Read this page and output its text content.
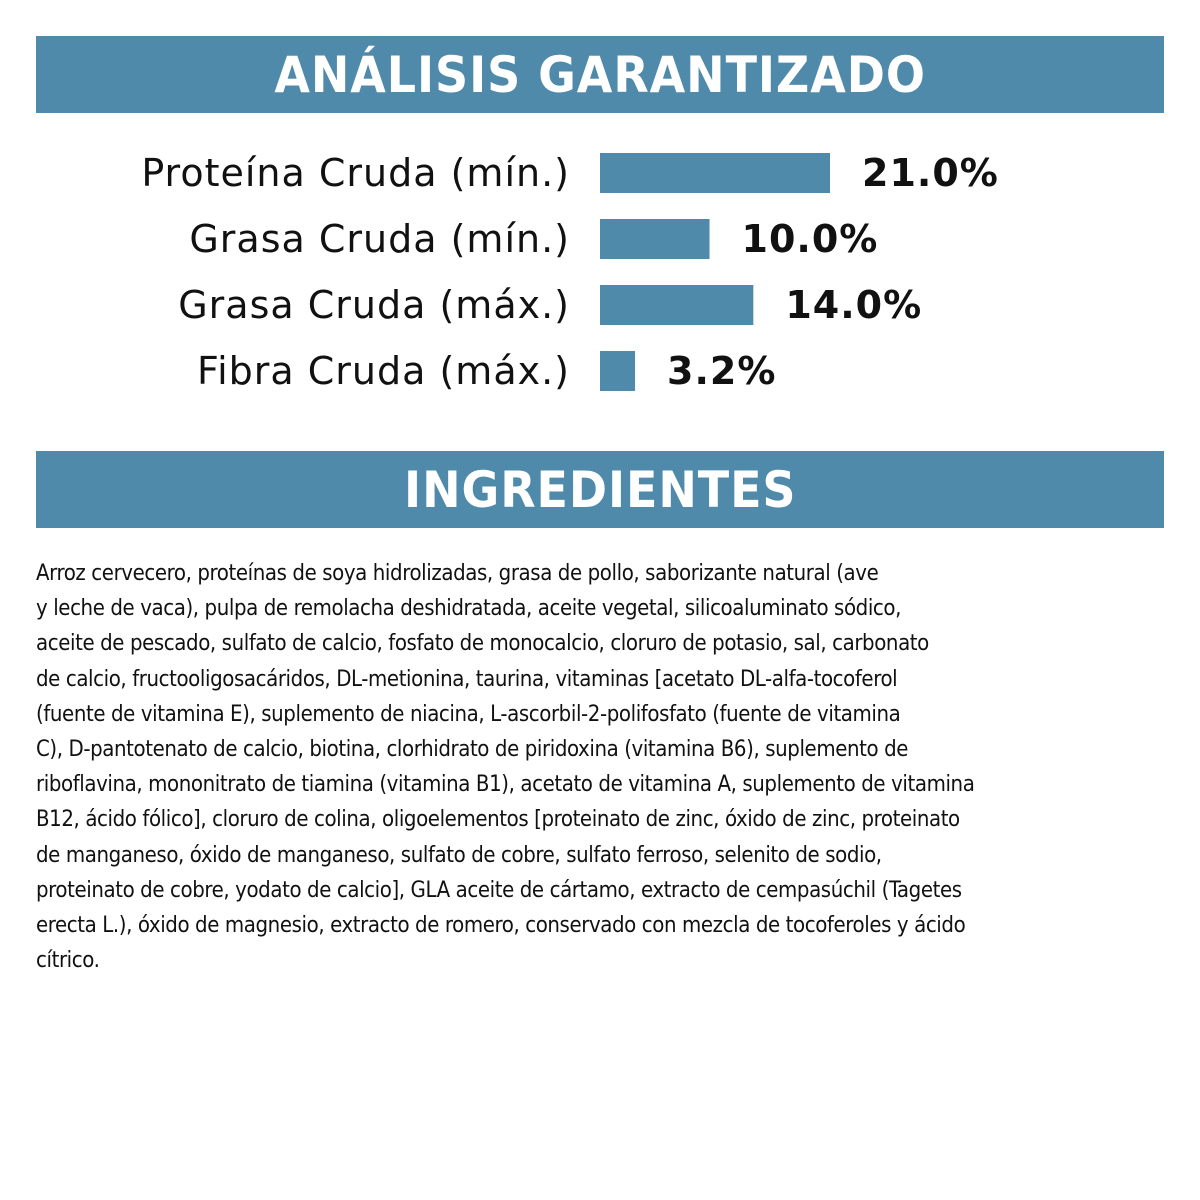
ANÁLISIS GARANTIZADO
Proteína Cruda (mín.)	21.0%
Grasa Cruda (mín.)	10.0%
Grasa Cruda (máx.)	14.0%
Fibra Cruda (máx.)	3.2%
INGREDIENTES

Arroz cervecero, proteínas de soya hidrolizadas, grasa de pollo, saborizante natural (ave
y leche de vaca), pulpa de remolacha deshidratada, aceite vegetal, silicoaluminato sódico,
aceite de pescado, sulfato de calcio, fosfato de monocalcio, cloruro de potasio, sal, carbonato
de calcio, fructooligosacáridos, DL-metionina, taurina, vitaminas [acetato DL-alfa-tocoferol
(fuente de vitamina E), suplemento de niacina, L-ascorbil-2-polifosfato (fuente de vitamina
C), D-pantotenato de calcio, biotina, clorhidrato de piridoxina (vitamina B6), suplemento de
riboflavina, mononitrato de tiamina (vitamina B1), acetato de vitamina A, suplemento de vitamina
B12, ácido fólico], cloruro de colina, oligoelementos [proteinato de zinc, óxido de zinc, proteinato
de manganeso, óxido de manganeso, sulfato de cobre, sulfato ferroso, selenito de sodio,
proteinato de cobre, yodato de calcio], GLA aceite de cártamo, extracto de cempasúchil (Tagetes
erecta L.), óxido de magnesio, extracto de romero, conservado con mezcla de tocoferoles y ácido
cítrico.
